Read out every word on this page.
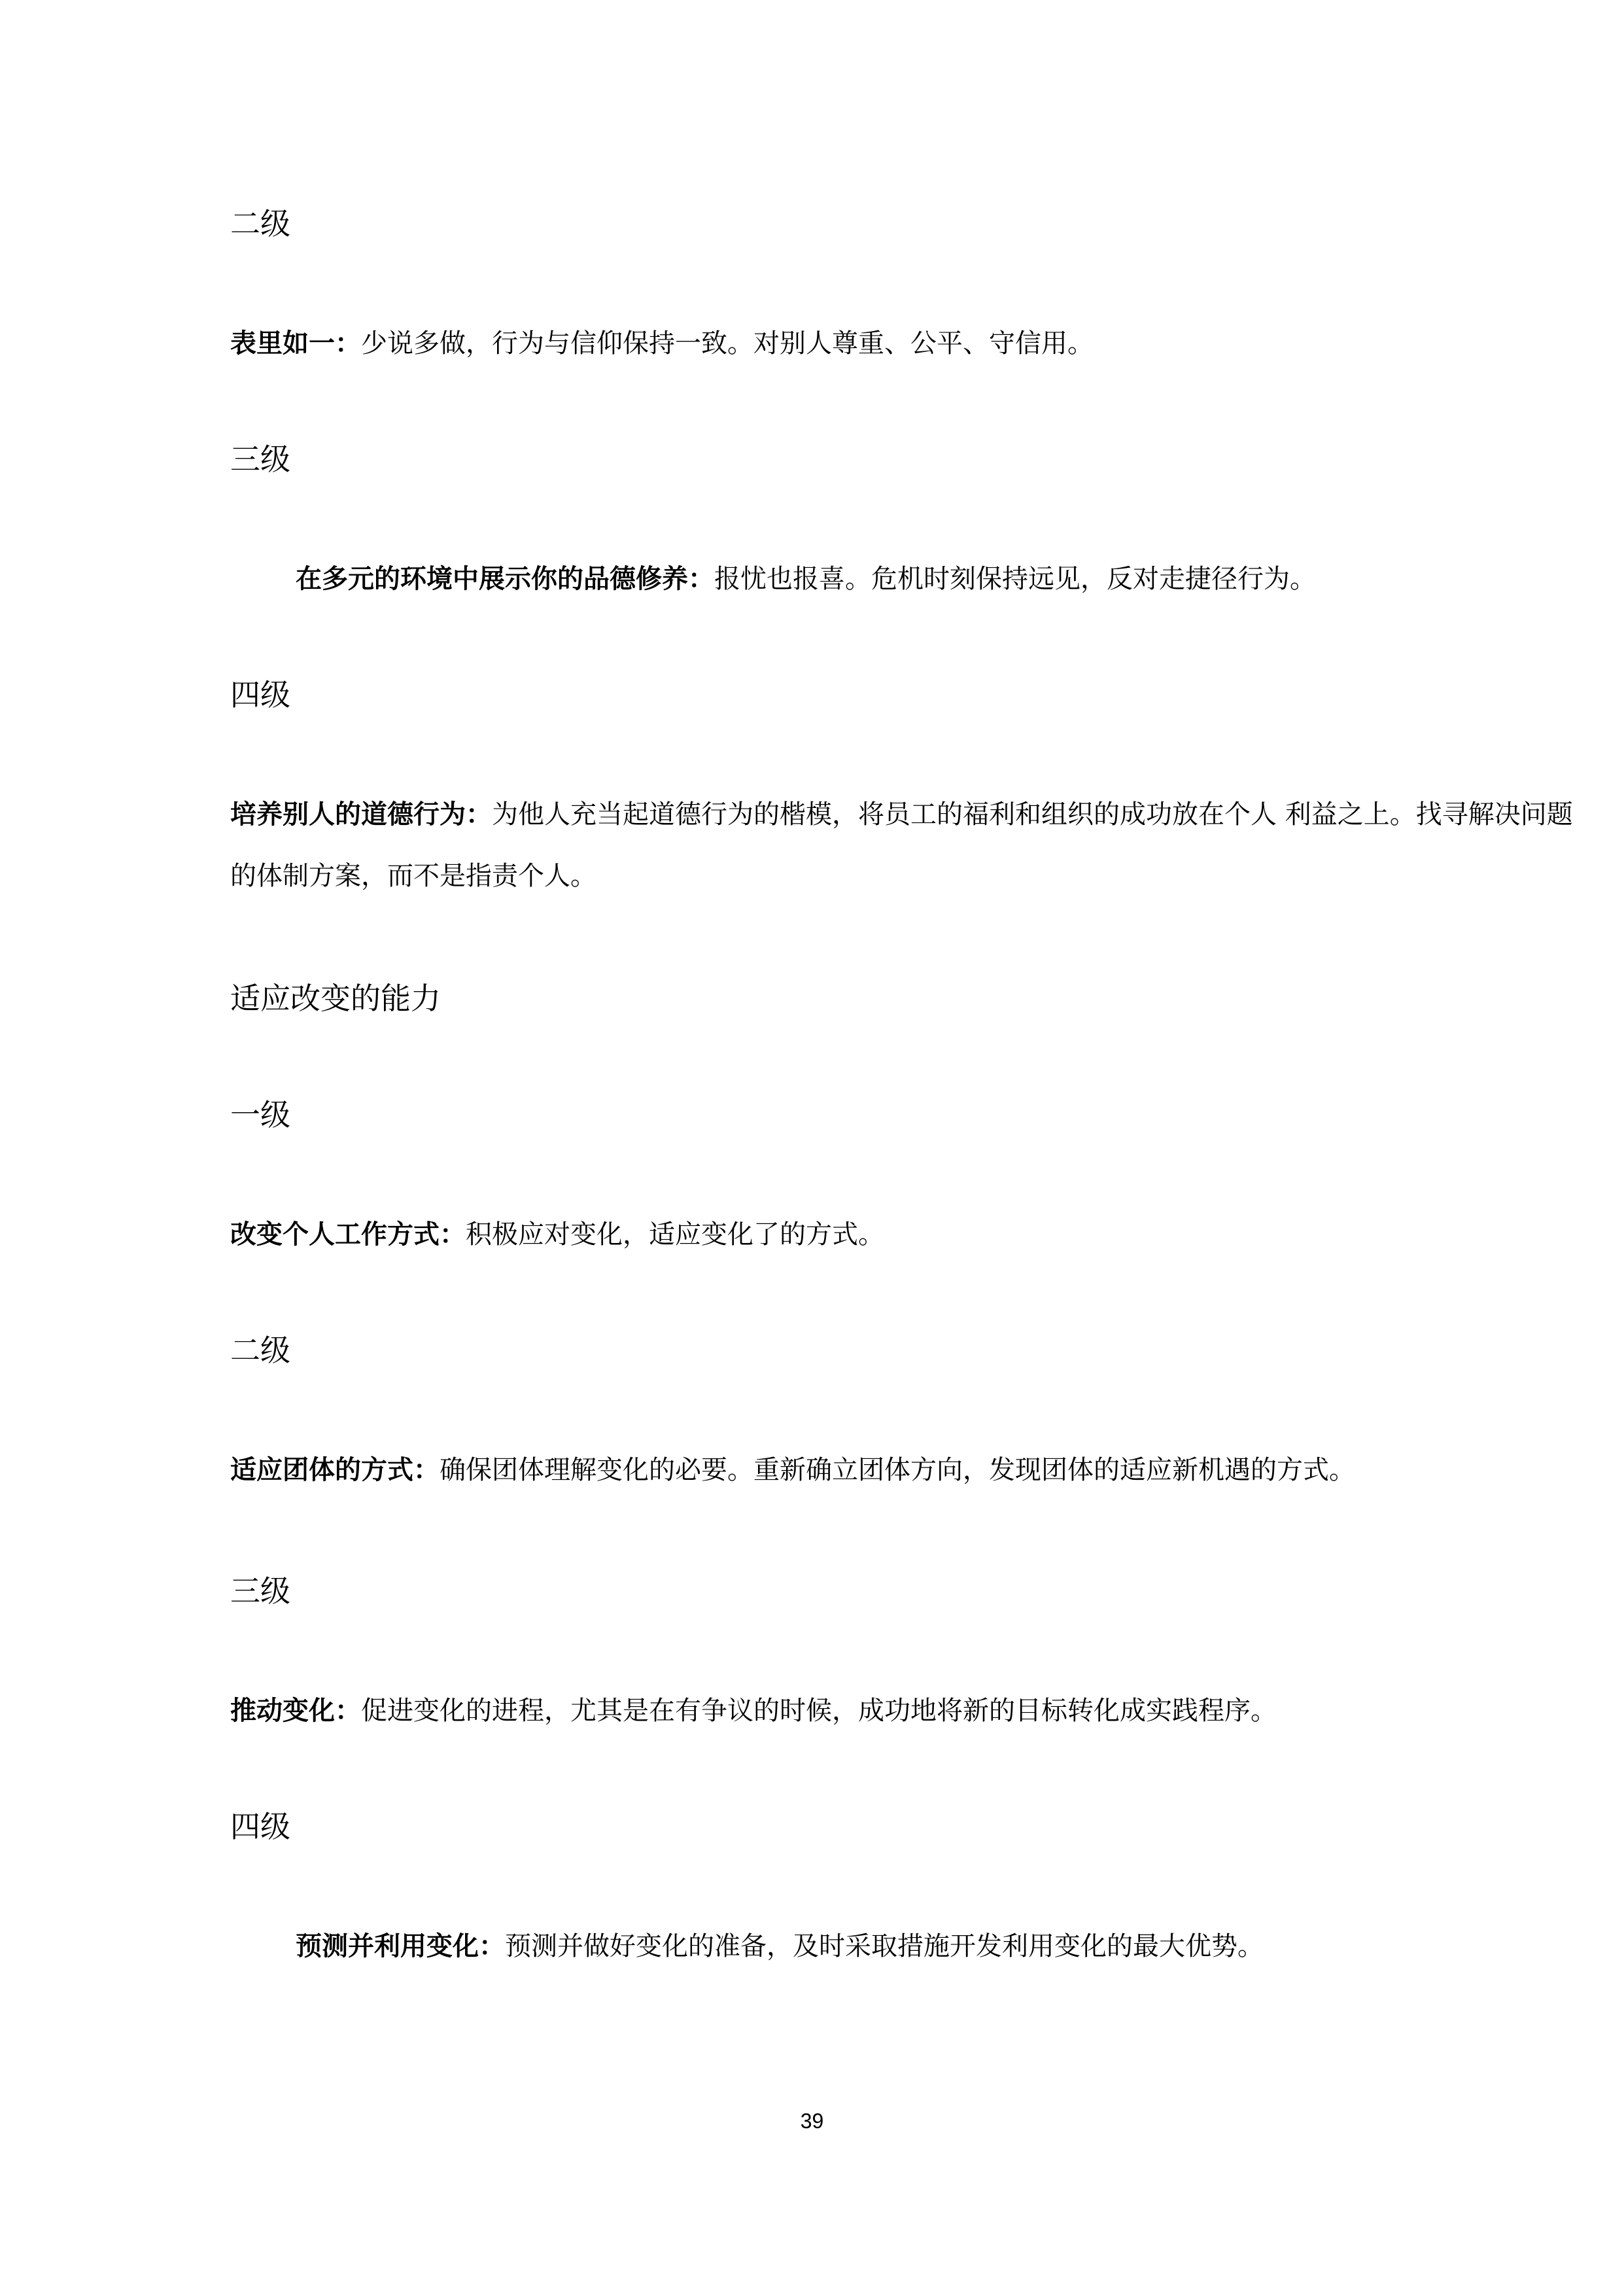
二级

表里如一：少说多做，行为与信仰保持一致。对别人尊重、公平、守信用。

三级

在多元的环境中展示你的品德修养：报忧也报喜。危机时刻保持远见，反对走捷径行为。

四级

培养别人的道德行为：为他人充当起道德行为的楷模，将员工的福利和组织的成功放在个人 利益之上。找寻解决问题的体制方案，而不是指责个人。

适应改变的能力
一级

改变个人工作方式：积极应对变化，适应变化了的方式。

二级

适应团体的方式：确保团体理解变化的必要。重新确立团体方向，发现团体的适应新机遇的方式。

三级

推动变化：促进变化的进程，尤其是在有争议的时候，成功地将新的目标转化成实践程序。

四级

预测并利用变化：预测并做好变化的准备，及时采取措施开发利用变化的最大优势。

39
